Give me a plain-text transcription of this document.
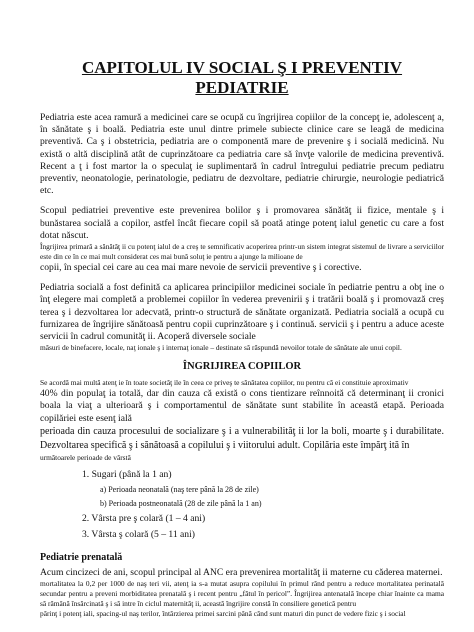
CAPITOLUL IV SOCIAL Ş I PREVENTIV

PEDIATRIE

Pediatria este acea ramură a medicinei care se ocupă cu îngrijirea copiilor de la concepţ ie, adolescenţ a, în sănătate ş i boală. Pediatria este unul dintre primele subiecte clinice care se leagă de medicina preventivă. Ca ş i obstetricia, pediatria are o componentă mare de prevenire ş i socială medicină. Nu există o altă disciplină atât de cuprinzătoare ca pediatria care să învţe valorile de medicina preventivă. Recent a ţ i fost martor la o speculaţ ie suplimentară în cadrul întregului pediatrie precum pediatru preventiv, neonatologie, perinatologie, pediatru de dezvoltare, pediatrie chirurgie, neurologie pediatrică etc.

Scopul pediatriei preventive este prevenirea bolilor ş i promovarea sănătăţ ii fizice, mentale ş i bunăstarea socială a copilor, astfel încât fiecare copil să poată atinge potenţ ialul genetic cu care a fost dotat născut.

Îngrijirea primară a sănătăţ ii cu potenţ ialul de a creş te semnificativ acoperirea printr-un sistem integrat sistemul de livrare a serviciilor este din ce în ce mai mult considerat ces mai bună soluţ ie pentru a ajunge la milioane de

copii, în special cei care au cea mai mare nevoie de servicii preventive ş i corective.

Pediatria socială a fost definită ca aplicarea principiilor medicinei sociale în pediatrie pentru a obţ ine o înţ elegere mai completă a problemei copiilor în vederea prevenirii ş i tratării boală ş i promovază creş terea ş i dezvoltarea lor adecvată, printr-o structură de sănătate organizată. Pediatria socială a ocupă cu furnizarea de îngrijire sănătoasă pentru copii cuprinzătoare ş i continuă. servicii ş i pentru a aduce aceste servicii în cadrul comunităţ ii. Acoperă diversele sociale

măsuri de binefacere, locale, naţ ionale ş i internaţ ionale – destinate să răspundă nevoilor totale de sănătate ale unui copil.

ÎNGRIJIREA COPIILOR

Se acordă mai multă atenţ ie în toate societăţ ile în ceea ce priveş te sănătatea copiilor, nu pentru că ei constituie aproximativ

40% din populaţ ia totală, dar din cauza că există o cons tientizare reînnoită că determinanţ ii cronici boala la viaţ a ulterioară ş i comportamentul de sănătate sunt stabilite în această etapă. Perioada copilăriei este esenţ ială

perioada din cauza procesului de socializare ş i a vulnerabilităţ ii lor la boli, moarte ş i durabilitate. Dezvoltarea specifică ş i sănătoasă a copilului ş i viitorului adult. Copilăria este împărţ ită în

următoarele perioade de vârstă

1. Sugari (până la 1 an)
a) Perioada neonatală (naş tere până la 28 de zile)
b) Perioada postneonatală (28 de zile până la 1 an)
2. Vârsta pre ş colară (1 – 4 ani)
3. Vârsta ş colară (5 – 11 ani)

Pediatrie prenatală

Acum cincizeci de ani, scopul principal al ANC era prevenirea mortalităţ ii materne cu căderea maternei.

mortalitatea la 0,2 per 1000 de naş teri vii, atenţ ia s-a mutat asupra copilului în primul rând pentru a reduce mortalitatea perinatală secundar pentru a preveni morbiditatea prenatală ş i recent pentru „fătul în pericol”. Îngrijirea antenatală începe chiar înainte ca mama să rămână însărcinată ş i să intre în ciclul maternităţ ii, această îngrijire constă în consiliere genetică pentru

părinţ i potenţ iali, spacing-ul naş terilor, întârzierea primei sarcini până când sunt maturi din punct de vedere fizic ş i social
